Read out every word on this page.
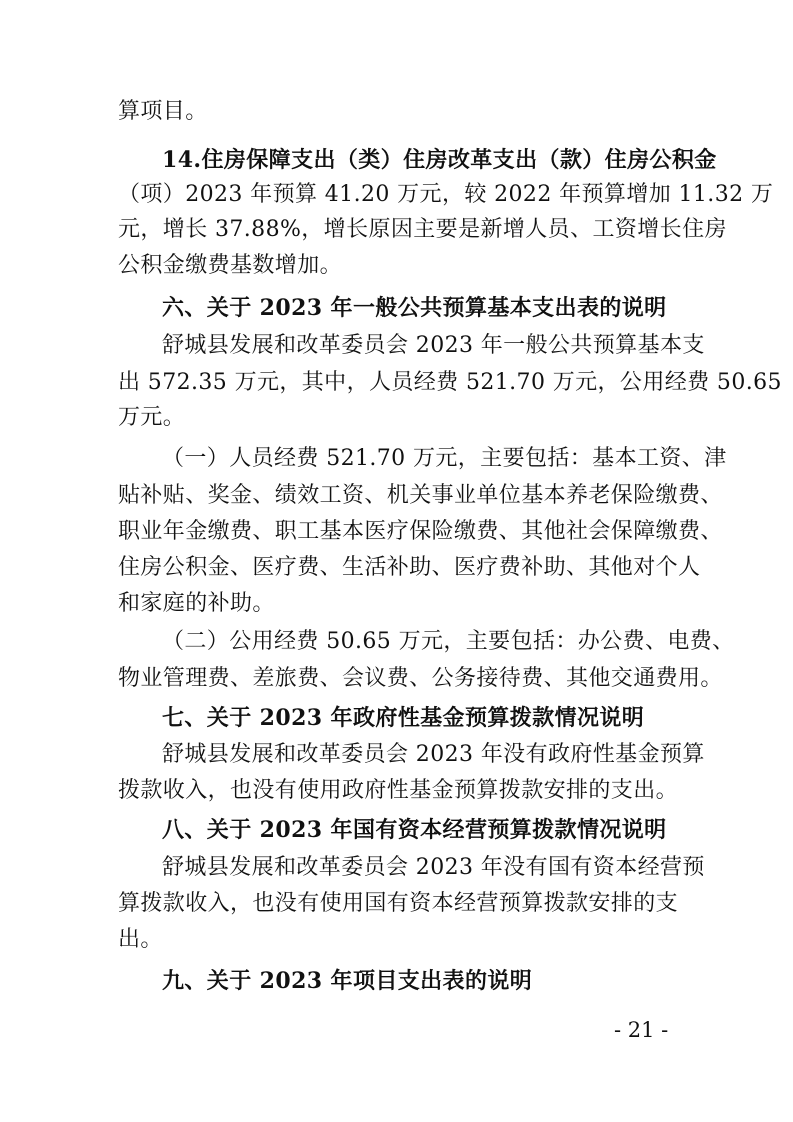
算项目。
14.住房保障支出（类）住房改革支出（款）住房公积金
（项）2023 年预算 41.20 万元，较 2022 年预算增加 11.32 万
元，增长 37.88%，增长原因主要是新增人员、工资增长住房
公积金缴费基数增加。
六、关于 2023 年一般公共预算基本支出表的说明
舒城县发展和改革委员会 2023 年一般公共预算基本支
出 572.35 万元，其中，人员经费 521.70 万元，公用经费 50.65
万元。
（一）人员经费 521.70 万元，主要包括：基本工资、津
贴补贴、奖金、绩效工资、机关事业单位基本养老保险缴费、
职业年金缴费、职工基本医疗保险缴费、其他社会保障缴费、
住房公积金、医疗费、生活补助、医疗费补助、其他对个人
和家庭的补助。
（二）公用经费 50.65 万元，主要包括：办公费、电费、
物业管理费、差旅费、会议费、公务接待费、其他交通费用。
七、关于 2023 年政府性基金预算拨款情况说明
舒城县发展和改革委员会 2023 年没有政府性基金预算
拨款收入，也没有使用政府性基金预算拨款安排的支出。
八、关于 2023 年国有资本经营预算拨款情况说明
舒城县发展和改革委员会 2023 年没有国有资本经营预
算拨款收入，也没有使用国有资本经营预算拨款安排的支
出。
九、关于 2023 年项目支出表的说明
- 21 -
